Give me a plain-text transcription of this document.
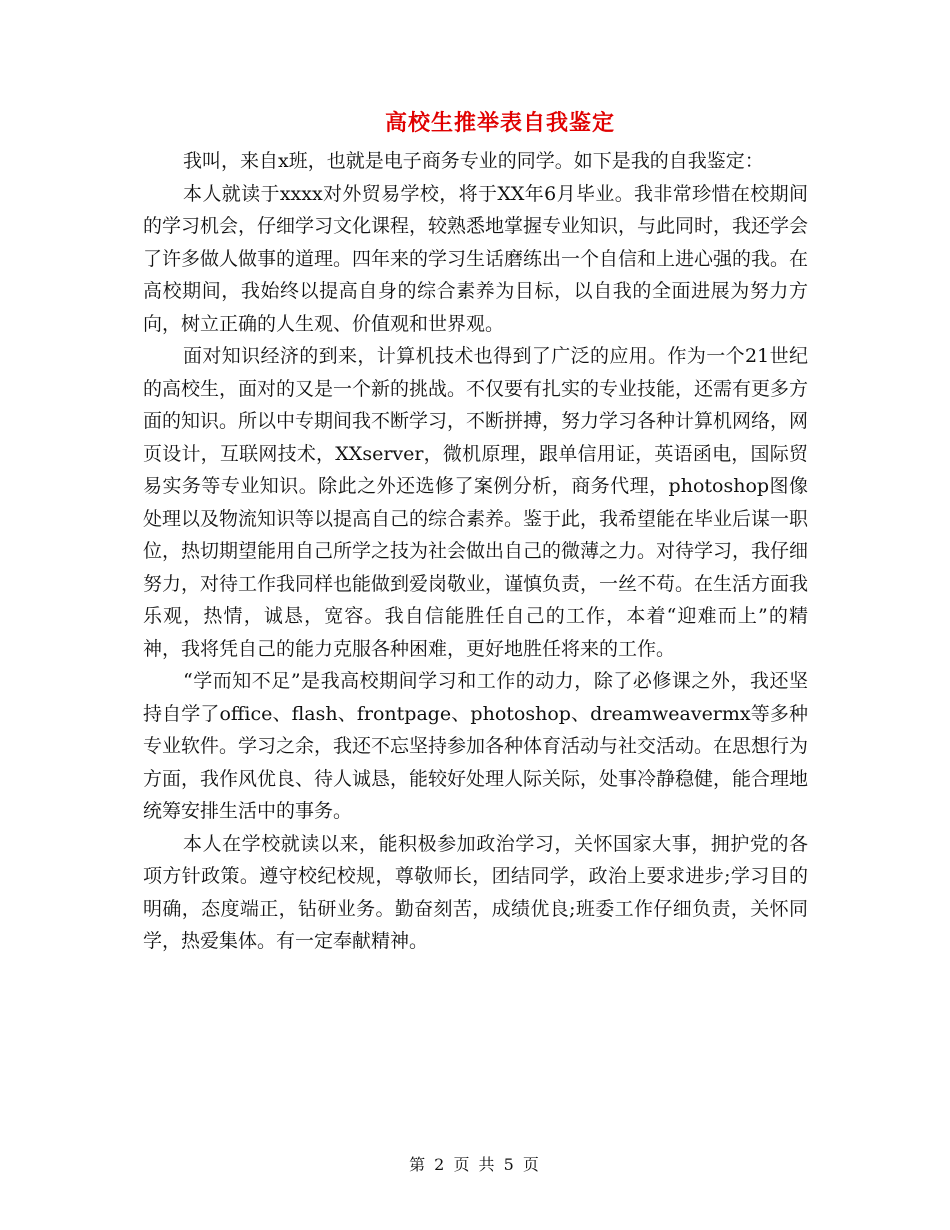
高校生推举表自我鉴定

我叫，来自x班，也就是电子商务专业的同学。如下是我的自我鉴定：

本人就读于xxxx对外贸易学校，将于XX年6月毕业。我非常珍惜在校期间的学习机会，仔细学习文化课程，较熟悉地掌握专业知识，与此同时，我还学会了许多做人做事的道理。四年来的学习生话磨练出一个自信和上进心强的我。在高校期间，我始终以提高自身的综合素养为目标，以自我的全面进展为努力方向，树立正确的人生观、价值观和世界观。

面对知识经济的到来，计算机技术也得到了广泛的应用。作为一个21世纪的高校生，面对的又是一个新的挑战。不仅要有扎实的专业技能，还需有更多方面的知识。所以中专期间我不断学习，不断拼搏，努力学习各种计算机网络，网页设计，互联网技术，XXserver，微机原理，跟单信用证，英语函电，国际贸易实务等专业知识。除此之外还选修了案例分析，商务代理，photoshop图像处理以及物流知识等以提高自己的综合素养。鉴于此，我希望能在毕业后谋一职位，热切期望能用自己所学之技为社会做出自己的微薄之力。对待学习，我仔细努力，对待工作我同样也能做到爱岗敬业，谨慎负责，一丝不苟。在生活方面我乐观，热情，诚恳，宽容。我自信能胜任自己的工作，本着“迎难而上”的精神，我将凭自己的能力克服各种困难，更好地胜任将来的工作。

“学而知不足”是我高校期间学习和工作的动力，除了必修课之外，我还坚持自学了office、flash、frontpage、photoshop、dreamweavermx等多种专业软件。学习之余，我还不忘坚持参加各种体育活动与社交活动。在思想行为方面，我作风优良、待人诚恳，能较好处理人际关际，处事冷静稳健，能合理地统筹安排生活中的事务。

本人在学校就读以来，能积极参加政治学习，关怀国家大事，拥护党的各项方针政策。遵守校纪校规，尊敬师长，团结同学，政治上要求进步;学习目的明确，态度端正，钻研业务。勤奋刻苦，成绩优良;班委工作仔细负责，关怀同学，热爱集体。有一定奉献精神。

第 2 页 共 5 页
